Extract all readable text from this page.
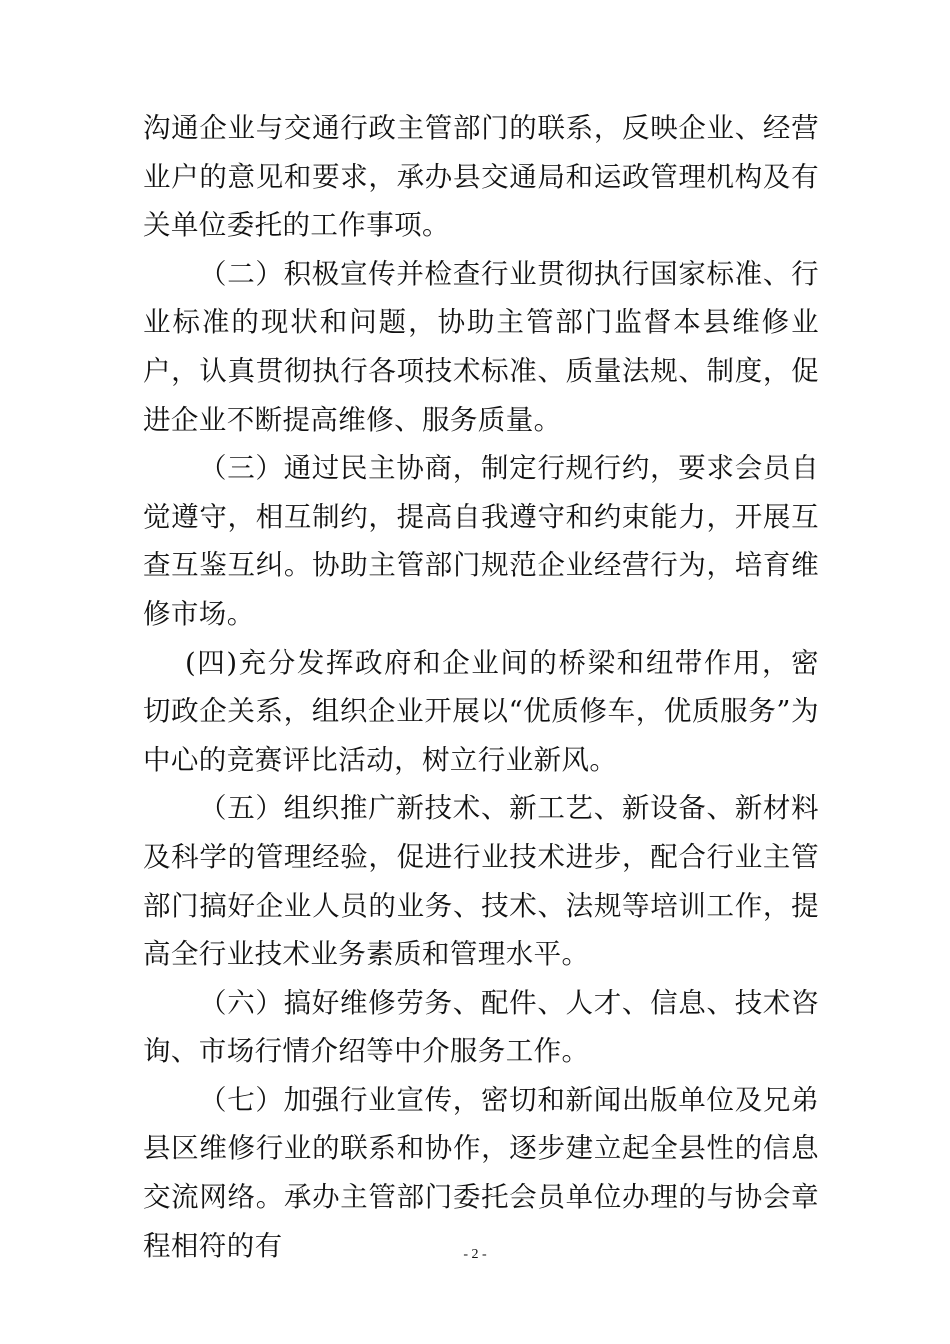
沟通企业与交通行政主管部门的联系，反映企业、经营业户的意见和要求，承办县交通局和运政管理机构及有关单位委托的工作事项。

（二）积极宣传并检查行业贯彻执行国家标准、行业标准的现状和问题，协助主管部门监督本县维修业户，认真贯彻执行各项技术标准、质量法规、制度，促进企业不断提高维修、服务质量。

（三）通过民主协商，制定行规行约，要求会员自觉遵守，相互制约，提高自我遵守和约束能力，开展互查互鉴互纠。协助主管部门规范企业经营行为，培育维修市场。

(四)充分发挥政府和企业间的桥梁和纽带作用，密切政企关系，组织企业开展以“优质修车，优质服务”为中心的竞赛评比活动，树立行业新风。

（五）组织推广新技术、新工艺、新设备、新材料及科学的管理经验，促进行业技术进步，配合行业主管部门搞好企业人员的业务、技术、法规等培训工作，提高全行业技术业务素质和管理水平。

（六）搞好维修劳务、配件、人才、信息、技术咨询、市场行情介绍等中介服务工作。

（七）加强行业宣传，密切和新闻出版单位及兄弟县区维修行业的联系和协作，逐步建立起全县性的信息交流网络。承办主管部门委托会员单位办理的与协会章程相符的有	- 2 -
